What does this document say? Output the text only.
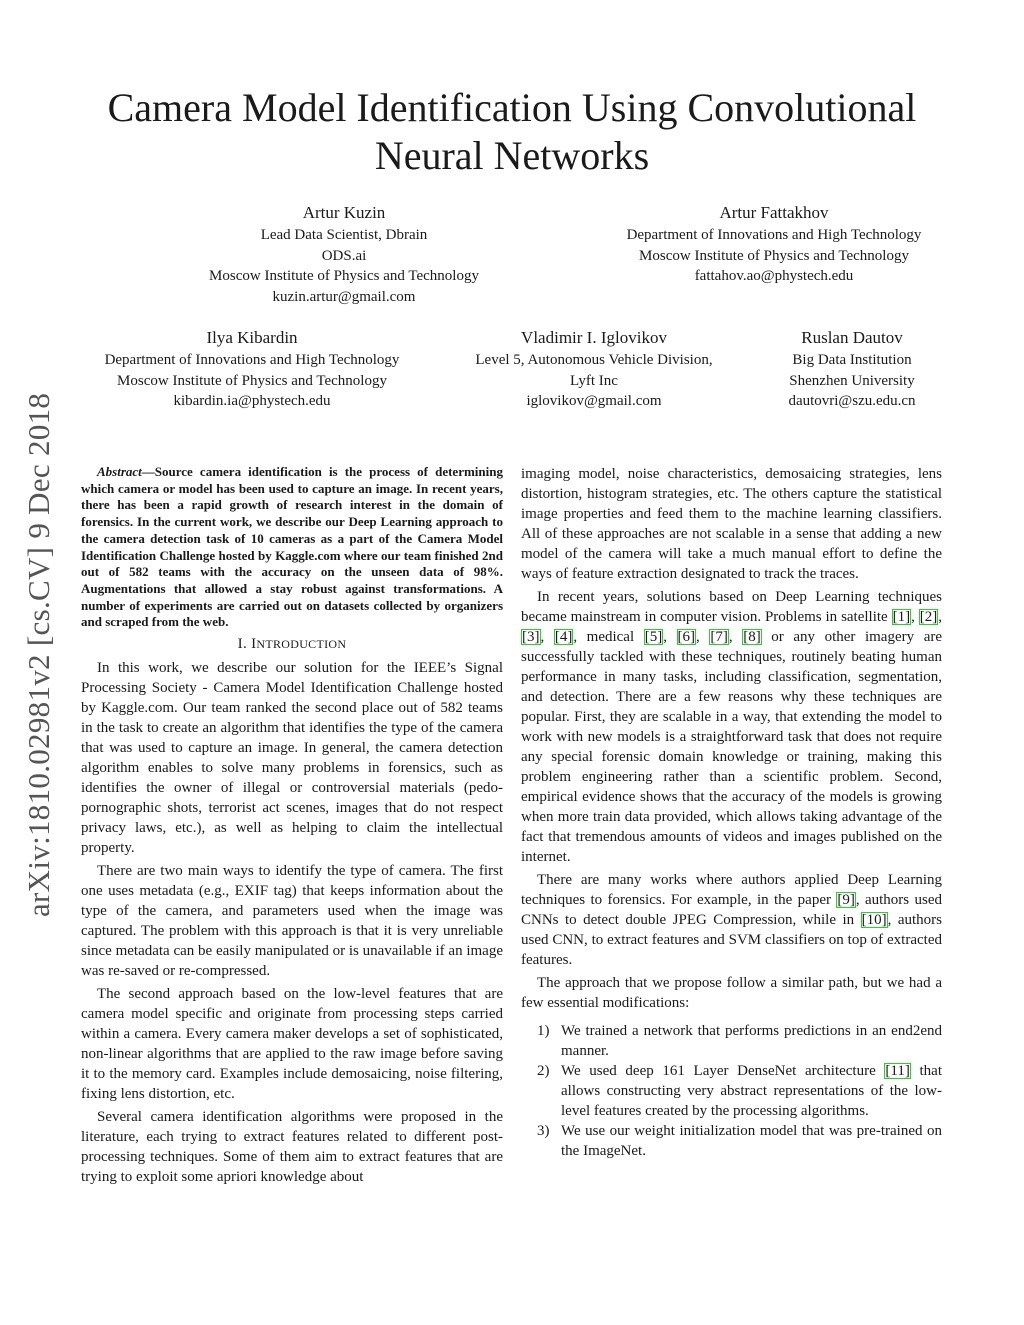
arXiv:1810.02981v2 [cs.CV] 9 Dec 2018
Camera Model Identification Using Convolutional Neural Networks
Artur Kuzin
Lead Data Scientist, Dbrain
ODS.ai
Moscow Institute of Physics and Technology
kuzin.artur@gmail.com
Artur Fattakhov
Department of Innovations and High Technology
Moscow Institute of Physics and Technology
fattahov.ao@phystech.edu
Ilya Kibardin
Department of Innovations and High Technology
Moscow Institute of Physics and Technology
kibardin.ia@phystech.edu
Vladimir I. Iglovikov
Level 5, Autonomous Vehicle Division,
Lyft Inc
iglovikov@gmail.com
Ruslan Dautov
Big Data Institution
Shenzhen University
dautovri@szu.edu.cn

Abstract—Source camera identification is the process of determining which camera or model has been used to capture an image. In recent years, there has been a rapid growth of research interest in the domain of forensics. In the current work, we describe our Deep Learning approach to the camera detection task of 10 cameras as a part of the Camera Model Identification Challenge hosted by Kaggle.com where our team finished 2nd out of 582 teams with the accuracy on the unseen data of 98%. Augmentations that allowed a stay robust against transformations. A number of experiments are carried out on datasets collected by organizers and scraped from the web.

I. INTRODUCTION

In this work, we describe our solution for the IEEE’s Signal Processing Society - Camera Model Identification Challenge hosted by Kaggle.com. Our team ranked the second place out of 582 teams in the task to create an algorithm that identifies the type of the camera that was used to capture an image. In general, the camera detection algorithm enables to solve many problems in forensics, such as identifies the owner of illegal or controversial materials (pedo-pornographic shots, terrorist act scenes, images that do not respect privacy laws, etc.), as well as helping to claim the intellectual property.

There are two main ways to identify the type of camera. The first one uses metadata (e.g., EXIF tag) that keeps information about the type of the camera, and parameters used when the image was captured. The problem with this approach is that it is very unreliable since metadata can be easily manipulated or is unavailable if an image was re-saved or re-compressed.

The second approach based on the low-level features that are camera model specific and originate from processing steps carried within a camera. Every camera maker develops a set of sophisticated, non-linear algorithms that are applied to the raw image before saving it to the memory card. Examples include demosaicing, noise filtering, fixing lens distortion, etc.

Several camera identification algorithms were proposed in the literature, each trying to extract features related to different post-processing techniques. Some of them aim to extract features that are trying to exploit some apriori knowledge about

imaging model, noise characteristics, demosaicing strategies, lens distortion, histogram strategies, etc. The others capture the statistical image properties and feed them to the machine learning classifiers. All of these approaches are not scalable in a sense that adding a new model of the camera will take a much manual effort to define the ways of feature extraction designated to track the traces.

In recent years, solutions based on Deep Learning techniques became mainstream in computer vision. Problems in satellite [1], [2], [3], [4], medical [5], [6], [7], [8] or any other imagery are successfully tackled with these techniques, routinely beating human performance in many tasks, including classification, segmentation, and detection. There are a few reasons why these techniques are popular. First, they are scalable in a way, that extending the model to work with new models is a straightforward task that does not require any special forensic domain knowledge or training, making this problem engineering rather than a scientific problem. Second, empirical evidence shows that the accuracy of the models is growing when more train data provided, which allows taking advantage of the fact that tremendous amounts of videos and images published on the internet.

There are many works where authors applied Deep Learning techniques to forensics. For example, in the paper [9], authors used CNNs to detect double JPEG Compression, while in [10], authors used CNN, to extract features and SVM classifiers on top of extracted features.

The approach that we propose follow a similar path, but we had a few essential modifications:

1) We trained a network that performs predictions in an end2end manner.
2) We used deep 161 Layer DenseNet architecture [11] that allows constructing very abstract representations of the low-level features created by the processing algorithms.
3) We use our weight initialization model that was pre-trained on the ImageNet.
